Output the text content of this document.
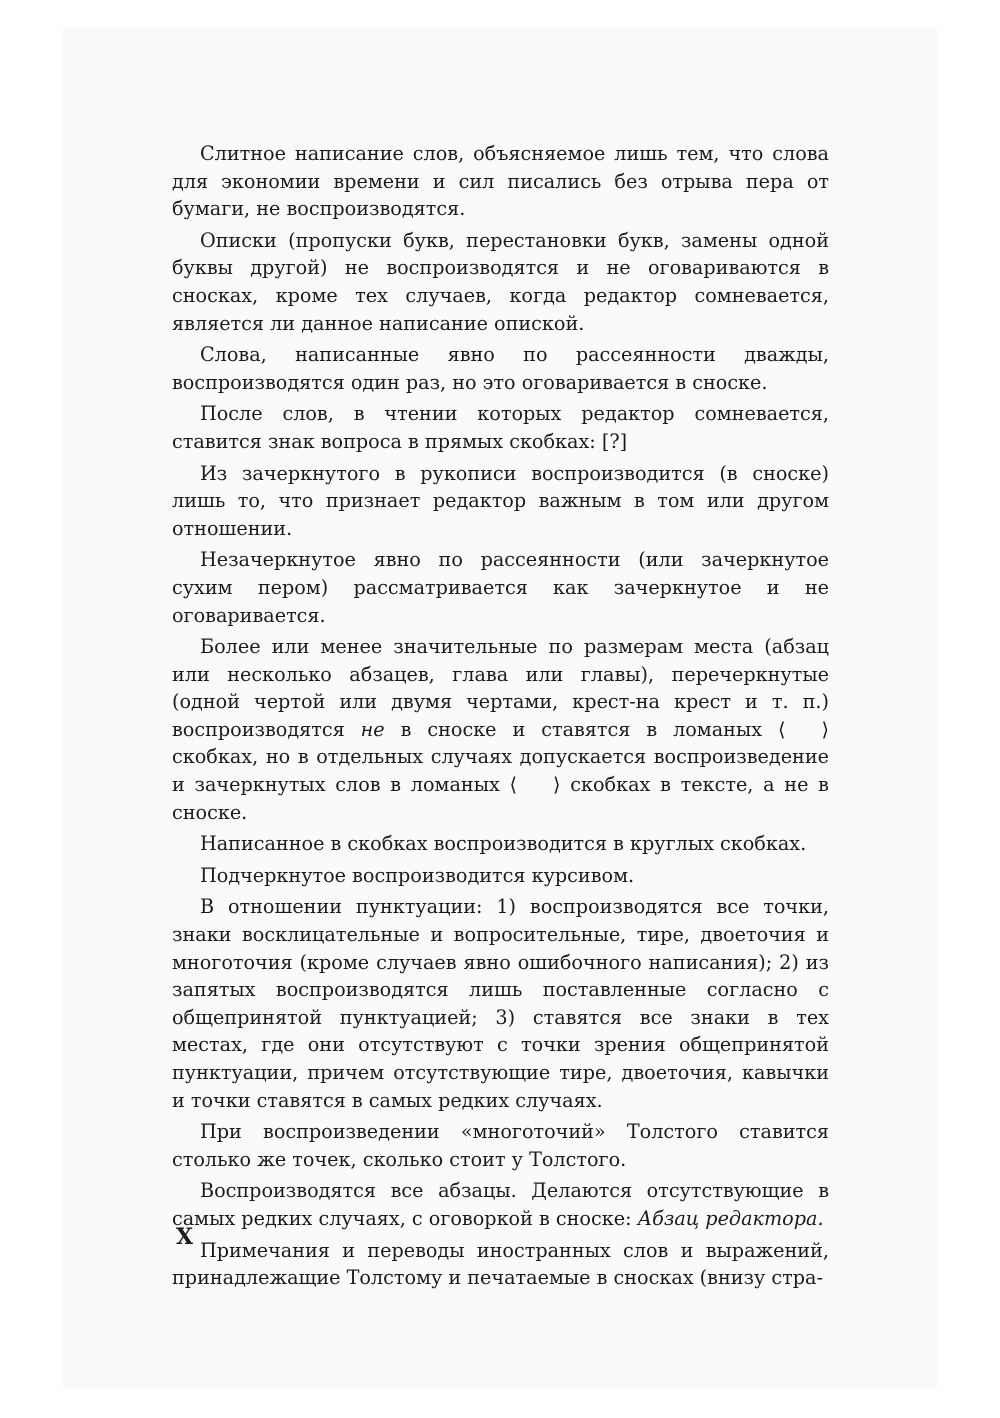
Слитное написание слов, объясняемое лишь тем, что слова для экономии времени и сил писались без отрыва пера от бумаги, не воспроизводятся.

Описки (пропуски букв, перестановки букв, замены одной буквы другой) не воспроизводятся и не оговариваются в сносках, кроме тех случаев, когда редактор сомневается, является ли данное написание опиской.

Слова, написанные явно по рассеянности дважды, воспроизводятся один раз, но это оговаривается в сноске.

После слов, в чтении которых редактор сомневается, ставится знак вопроса в прямых скобках: [?]

Из зачеркнутого в рукописи воспроизводится (в сноске) лишь то, что признает редактор важным в том или другом отношении.

Незачеркнутое явно по рассеянности (или зачеркнутое сухим пером) рассматривается как зачеркнутое и не оговаривается.

Более или менее значительные по размерам места (абзац или несколько абзацев, глава или главы), перечеркнутые (одной чертой или двумя чертами, крест-на крест и т. п.) воспроизводятся не в сноске и ставятся в ломаных ⟨ ⟩ скобках, но в отдельных случаях допускается воспроизведение и зачеркнутых слов в ломаных ⟨ ⟩ скобках в тексте, а не в сноске.

Написанное в скобках воспроизводится в круглых скобках.

Подчеркнутое воспроизводится курсивом.

В отношении пунктуации: 1) воспроизводятся все точки, знаки восклицательные и вопросительные, тире, двоеточия и многоточия (кроме случаев явно ошибочного написания); 2) из запятых воспроизводятся лишь поставленные согласно с общепринятой пунктуацией; 3) ставятся все знаки в тех местах, где они отсутствуют с точки зрения общепринятой пунктуации, причем отсутствующие тире, двоеточия, кавычки и точки ставятся в самых редких случаях.

При воспроизведении «многоточий» Толстого ставится столько же точек, сколько стоит у Толстого.

Воспроизводятся все абзацы. Делаются отсутствующие в самых редких случаях, с оговоркой в сноске: Абзац редактора.

Примечания и переводы иностранных слов и выражений, принадлежащие Толстому и печатаемые в сносках (внизу стра-

X
